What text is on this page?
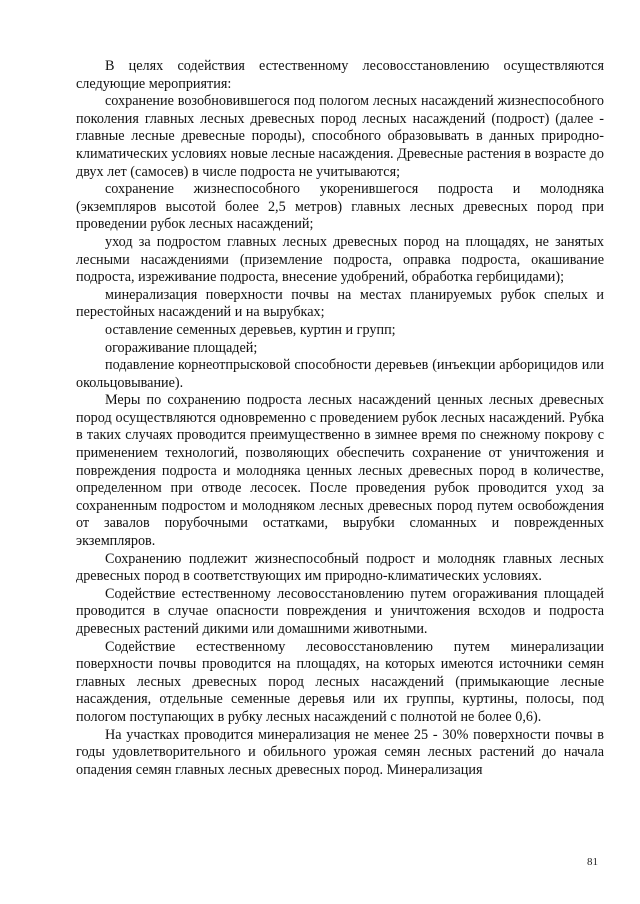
В целях содействия естественному лесовосстановлению осуществляются следующие мероприятия:

сохранение возобновившегося под пологом лесных насаждений жизнеспособного поколения главных лесных древесных пород лесных насаждений (подрост) (далее - главные лесные древесные породы), способного образовывать в данных природно-климатических условиях новые лесные насаждения. Древесные растения в возрасте до двух лет (самосев) в числе подроста не учитываются;

сохранение жизнеспособного укоренившегося подроста и молодняка (экземпляров высотой более 2,5 метров) главных лесных древесных пород при проведении рубок лесных насаждений;

уход за подростом главных лесных древесных пород на площадях, не занятых лесными насаждениями (приземление подроста, оправка подроста, окашивание подроста, изреживание подроста, внесение удобрений, обработка гербицидами);

минерализация поверхности почвы на местах планируемых рубок спелых и перестойных насаждений и на вырубках;

оставление семенных деревьев, куртин и групп;

огораживание площадей;

подавление корнеотпрысковой способности деревьев (инъекции арборицидов или окольцовывание).

Меры по сохранению подроста лесных насаждений ценных лесных древесных пород осуществляются одновременно с проведением рубок лесных насаждений. Рубка в таких случаях проводится преимущественно в зимнее время по снежному покрову с применением технологий, позволяющих обеспечить сохранение от уничтожения и повреждения подроста и молодняка ценных лесных древесных пород в количестве, определенном при отводе лесосек. После проведения рубок проводится уход за сохраненным подростом и молодняком лесных древесных пород путем освобождения от завалов порубочными остатками, вырубки сломанных и поврежденных экземпляров.

Сохранению подлежит жизнеспособный подрост и молодняк главных лесных древесных пород в соответствующих им природно-климатических условиях.

Содействие естественному лесовосстановлению путем огораживания площадей проводится в случае опасности повреждения и уничтожения всходов и подроста древесных растений дикими или домашними животными.

Содействие естественному лесовосстановлению путем минерализации поверхности почвы проводится на площадях, на которых имеются источники семян главных лесных древесных пород лесных насаждений (примыкающие лесные насаждения, отдельные семенные деревья или их группы, куртины, полосы, под пологом поступающих в рубку лесных насаждений с полнотой не более 0,6).

На участках проводится минерализация не менее 25 - 30% поверхности почвы в годы удовлетворительного и обильного урожая семян лесных растений до начала опадения семян главных лесных древесных пород. Минерализация

81
